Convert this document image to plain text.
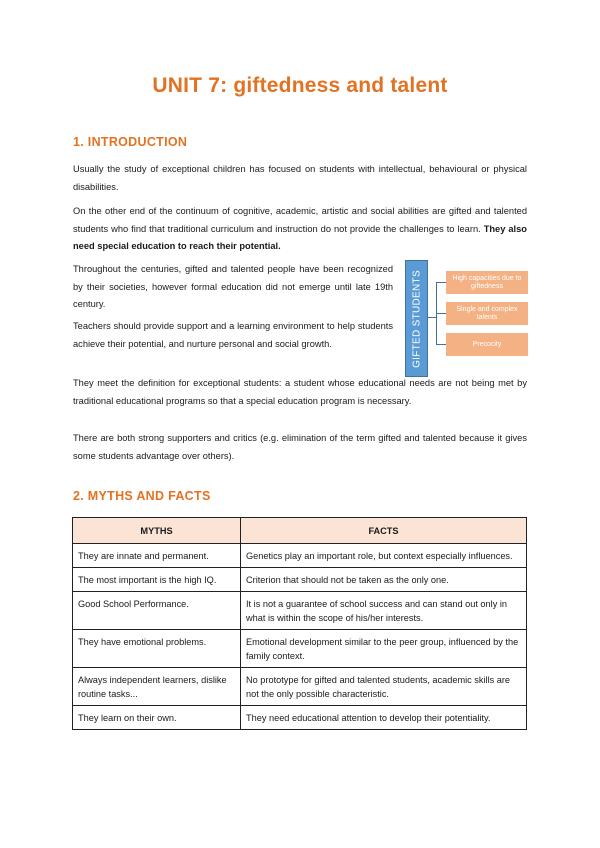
UNIT 7: giftedness and talent
1. INTRODUCTION

Usually the study of exceptional children has focused on students with intellectual, behavioural or physical disabilities.

On the other end of the continuum of cognitive, academic, artistic and social abilities are gifted and talented students who find that traditional curriculum and instruction do not provide the challenges to learn. They also need special education to reach their potential.

Throughout the centuries, gifted and talented people have been recognized by their societies, however formal education did not emerge until late 19th century.

Teachers should provide support and a learning environment to help students achieve their potential, and nurture personal and social growth.

They meet the definition for exceptional students: a student whose educational needs are not being met by traditional educational programs so that a special education program is necessary.

There are both strong supporters and critics (e.g. elimination of the term gifted and talented because it gives some students advantage over others).

GIFTED STUDENTS	High capacities due to giftedness
Single and complex talents
Precocity
2. MYTHS AND FACTS
MYTHS	FACTS
They are innate and permanent.	Genetics play an important role, but context especially influences.
The most important is the high IQ.	Criterion that should not be taken as the only one.
Good School Performance.	It is not a guarantee of school success and can stand out only in what is within the scope of his/her interests.
They have emotional problems.	Emotional development similar to the peer group, influenced by the family context.
Always independent learners, dislike routine tasks...	No prototype for gifted and talented students, academic skills are not the only possible characteristic.
They learn on their own.	They need educational attention to develop their potentiality.
